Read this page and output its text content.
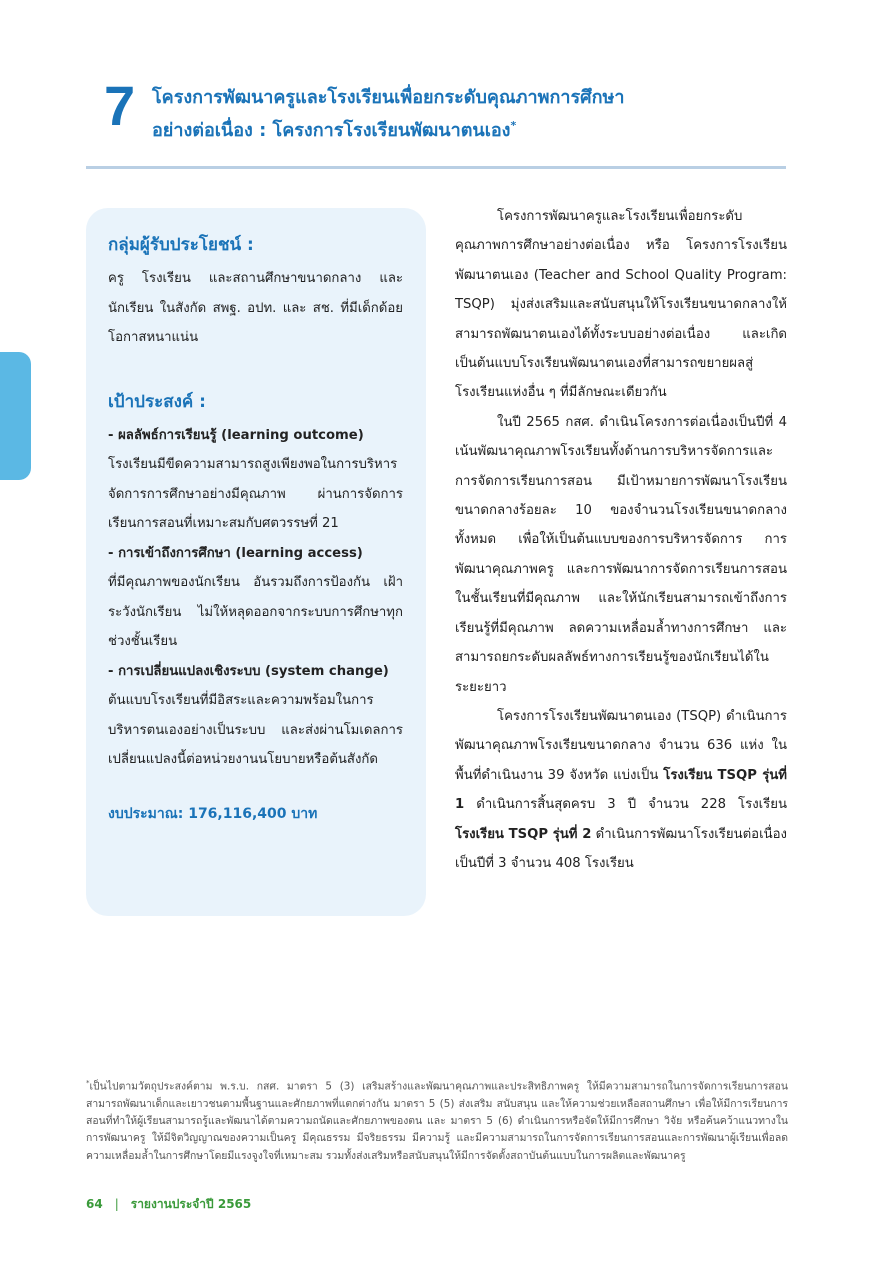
7 โครงการพัฒนาครูและโรงเรียนเพื่อยกระดับคุณภาพการศึกษา
อย่างต่อเนื่อง : โครงการโรงเรียนพัฒนาตนเอง*
กลุ่มผู้รับประโยชน์ :
ครู โรงเรียน และสถานศึกษาขนาดกลาง และนักเรียน ในสังกัด สพฐ. อปท. และ สช. ที่มีเด็กด้อยโอกาสหนาแน่น
เป้าประสงค์ :
- ผลลัพธ์การเรียนรู้ (learning outcome)
โรงเรียนมีขีดความสามารถสูงเพียงพอในการบริหารจัดการการศึกษาอย่างมีคุณภาพ ผ่านการจัดการเรียนการสอนที่เหมาะสมกับศตวรรษที่ 21
- การเข้าถึงการศึกษา (learning access)
ที่มีคุณภาพของนักเรียน อันรวมถึงการป้องกัน เฝ้าระวังนักเรียน ไม่ให้หลุดออกจากระบบการศึกษาทุกช่วงชั้นเรียน
- การเปลี่ยนแปลงเชิงระบบ (system change)
ต้นแบบโรงเรียนที่มีอิสระและความพร้อมในการบริหารตนเองอย่างเป็นระบบ และส่งผ่านโมเดลการเปลี่ยนแปลงนี้ต่อหน่วยงานนโยบายหรือต้นสังกัด
งบประมาณ: 176,116,400 บาท

โครงการพัฒนาครูและโรงเรียนเพื่อยกระดับคุณภาพการศึกษาอย่างต่อเนื่อง หรือ โครงการโรงเรียนพัฒนาตนเอง (Teacher and School Quality Program: TSQP) มุ่งส่งเสริมและสนับสนุนให้โรงเรียนขนาดกลางให้สามารถพัฒนาตนเองได้ทั้งระบบอย่างต่อเนื่อง และเกิดเป็นต้นแบบโรงเรียนพัฒนาตนเองที่สามารถขยายผลสู่โรงเรียนแห่งอื่น ๆ ที่มีลักษณะเดียวกัน

ในปี 2565 กสศ. ดำเนินโครงการต่อเนื่องเป็นปีที่ 4 เน้นพัฒนาคุณภาพโรงเรียนทั้งด้านการบริหารจัดการและการจัดการเรียนการสอน มีเป้าหมายการพัฒนาโรงเรียนขนาดกลางร้อยละ 10 ของจำนวนโรงเรียนขนาดกลางทั้งหมด เพื่อให้เป็นต้นแบบของการบริหารจัดการ การพัฒนาคุณภาพครู และการพัฒนาการจัดการเรียนการสอนในชั้นเรียนที่มีคุณภาพ และให้นักเรียนสามารถเข้าถึงการเรียนรู้ที่มีคุณภาพ ลดความเหลื่อมล้ำทางการศึกษา และสามารถยกระดับผลลัพธ์ทางการเรียนรู้ของนักเรียนได้ในระยะยาว

โครงการโรงเรียนพัฒนาตนเอง (TSQP) ดำเนินการพัฒนาคุณภาพโรงเรียนขนาดกลาง จำนวน 636 แห่ง ในพื้นที่ดำเนินงาน 39 จังหวัด แบ่งเป็น โรงเรียน TSQP รุ่นที่ 1 ดำเนินการสิ้นสุดครบ 3 ปี จำนวน 228 โรงเรียน โรงเรียน TSQP รุ่นที่ 2 ดำเนินการพัฒนาโรงเรียนต่อเนื่อง เป็นปีที่ 3 จำนวน 408 โรงเรียน

*เป็นไปตามวัตถุประสงค์ตาม พ.ร.บ. กสศ. มาตรา 5 (3) เสริมสร้างและพัฒนาคุณภาพและประสิทธิภาพครู ให้มีความสามารถในการจัดการเรียนการสอน สามารถพัฒนาเด็กและเยาวชนตามพื้นฐานและศักยภาพที่แตกต่างกัน มาตรา 5 (5) ส่งเสริม สนับสนุน และให้ความช่วยเหลือสถานศึกษา เพื่อให้มีการเรียนการสอนที่ทำให้ผู้เรียนสามารถรู้และพัฒนาได้ตามความถนัดและศักยภาพของตน และ มาตรา 5 (6) ดำเนินการหรือจัดให้มีการศึกษา วิจัย หรือค้นคว้าแนวทางในการพัฒนาครู ให้มีจิตวิญญาณของความเป็นครู มีคุณธรรม มีจริยธรรม มีความรู้ และมีความสามารถในการจัดการเรียนการสอนและการพัฒนาผู้เรียนเพื่อลดความเหลื่อมล้ำในการศึกษาโดยมีแรงจูงใจที่เหมาะสม รวมทั้งส่งเสริมหรือสนับสนุนให้มีการจัดตั้งสถาบันต้นแบบในการผลิตและพัฒนาครู
64 | รายงานประจำปี 2565
